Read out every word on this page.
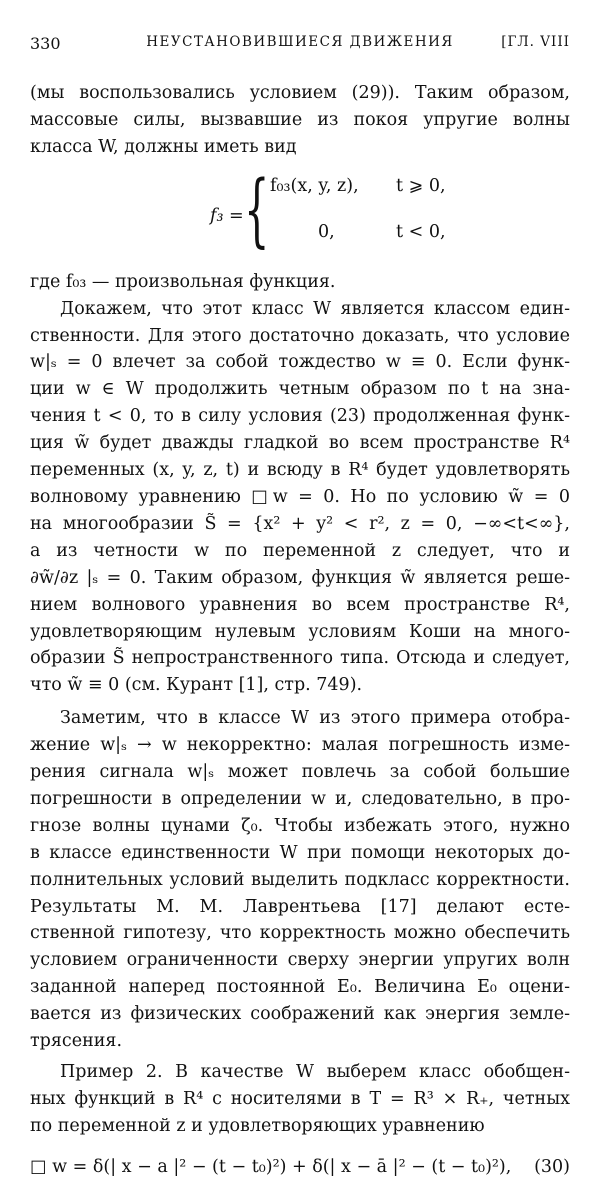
330	НЕУСТАНОВИВШИЕСЯ ДВИЖЕНИЯ	[ГЛ. VIII

(мы воспользовались условием (29)). Таким образом,

массовые силы, вызвавшие из покоя упругие волны

класса W, должны иметь вид

f₃ = { f₀₃(x, y, z), t ⩾ 0,
0,	t < 0,

где f₀₃ — произвольная функция.

Докажем, что этот класс W является классом един-

ственности. Для этого достаточно доказать, что условие

w|ₛ = 0 влечет за собой тождество w ≡ 0. Если функ-

ции w ∈ W продолжить четным образом по t на зна-

чения t < 0, то в силу условия (23) продолженная функ-

ция w̃ будет дважды гладкой во всем пространстве R⁴

переменных (x, y, z, t) и всюду в R⁴ будет удовлетворять

волновому уравнению □w = 0. Но по условию w̃ = 0

на многообразии S̃ = {x² + y² < r², z = 0, −∞<t<∞},

а из четности w по переменной z следует, что и

∂w̃/∂z |ₛ = 0. Таким образом, функция w̃ является реше-

нием волнового уравнения во всем пространстве R⁴,

удовлетворяющим нулевым условиям Коши на много-

образии S̃ непространственного типа. Отсюда и следует,

что w̃ ≡ 0 (см. Курант [1], стр. 749).

Заметим, что в классе W из этого примера отобра-

жение w|ₛ → w некорректно: малая погрешность изме-

рения сигнала w|ₛ может повлечь за собой большие

погрешности в определении w и, следовательно, в про-

гнозе волны цунами ζ₀. Чтобы избежать этого, нужно

в классе единственности W при помощи некоторых до-

полнительных условий выделить подкласс корректности.

Результаты М. М. Лаврентьева [17] делают есте-

ственной гипотезу, что корректность можно обеспечить

условием ограниченности сверху энергии упругих волн

заданной наперед постоянной E₀. Величина E₀ оцени-

вается из физических соображений как энергия земле-

трясения.

Пример 2. В качестве W выберем класс обобщен-

ных функций в R⁴ с носителями в T = R³ × R₊, четных

по переменной z и удовлетворяющих уравнению

□ w = δ(| x − a |² − (t − t₀)²) + δ(| x − ā |² − (t − t₀)²), (30)
